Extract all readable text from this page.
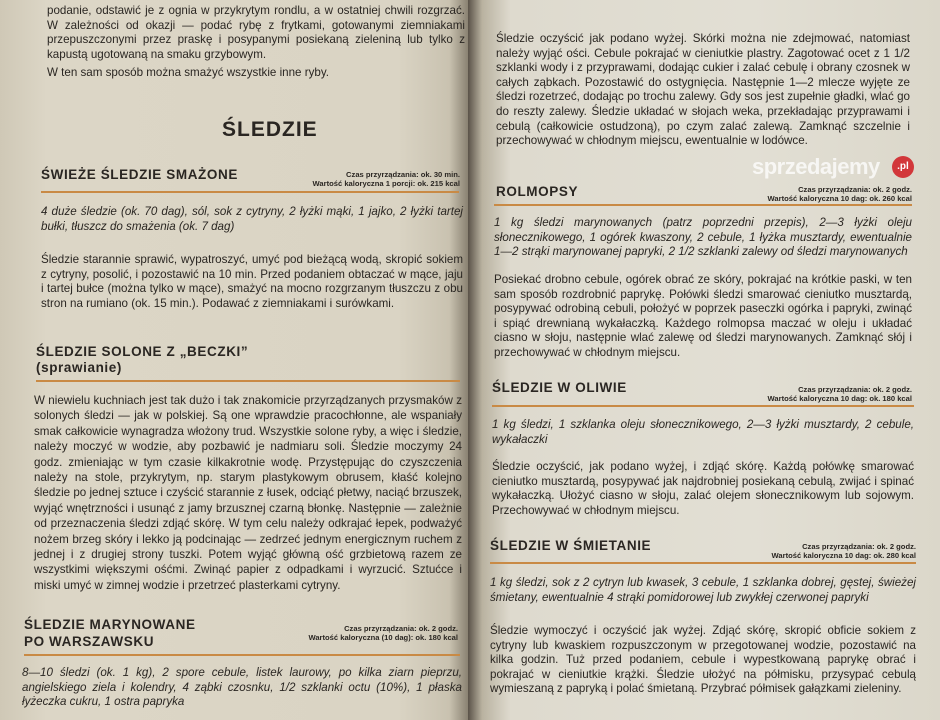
podanie, odstawić je z ognia w przykrytym rondlu, a w ostatniej chwili rozgrzać. W zależności od okazji — podać rybę z frytkami, gotowanymi ziemniakami przepuszczonymi przez praskę i posypanymi posiekaną zieleniną lub tylko z kapustą ugotowaną na smaku grzybowym.
W ten sam sposób można smażyć wszystkie inne ryby.
ŚLEDZIE
ŚWIEŻE ŚLEDZIE SMAŻONE	Czas przyrządzania: ok. 30 min.
Wartość kaloryczna 1 porcji: ok. 215 kcal
4 duże śledzie (ok. 70 dag), sól, sok z cytryny, 2 łyżki mąki, 1 jajko, 2 łyżki tartej bułki, tłuszcz do smażenia (ok. 7 dag)
Śledzie starannie sprawić, wypatroszyć, umyć pod bieżącą wodą, skropić sokiem z cytryny, posolić, i pozostawić na 10 min. Przed podaniem obtaczać w mące, jaju i tartej bułce (można tylko w mące), smażyć na mocno rozgrzanym tłuszczu z obu stron na rumiano (ok. 15 min.). Podawać z ziemniakami i surówkami.
ŚLEDZIE SOLONE Z „BECZKI”
(sprawianie)
W niewielu kuchniach jest tak dużo i tak znakomicie przyrządzanych przysmaków z solonych śledzi — jak w polskiej. Są one wprawdzie pracochłonne, ale wspaniały smak całkowicie wynagradza włożony trud. Wszystkie solone ryby, a więc i śledzie, należy moczyć w wodzie, aby pozbawić je nadmiaru soli. Śledzie moczymy 24 godz. zmieniając w tym czasie kilkakrotnie wodę. Przystępując do czyszczenia należy na stole, przykrytym, np. starym plastykowym obrusem, kłaść kolejno śledzie po jednej sztuce i czyścić starannie z łusek, odciąć płetwy, naciąć brzuszek, wyjąć wnętrzności i usunąć z jamy brzusznej czarną błonkę. Następnie — zależnie od przeznaczenia śledzi zdjąć skórę. W tym celu należy odkrajać łepek, podważyć nożem brzeg skóry i lekko ją podcinając — zedrzeć jednym energicznym ruchem z jednej i z drugiej strony tuszki. Potem wyjąć główną ość grzbietową razem ze wszystkimi większymi ośćmi. Zwinąć papier z odpadkami i wyrzucić. Sztućce i miski umyć w zimnej wodzie i przetrzeć plasterkami cytryny.
ŚLEDZIE MARYNOWANE
PO WARSZAWSKU
Czas przyrządzania: ok. 2 godz.
Wartość kaloryczna (10 dag): ok. 180 kcal
8—10 śledzi (ok. 1 kg), 2 spore cebule, listek laurowy, po kilka ziarn pieprzu, angielskiego ziela i kolendry, 4 ząbki czosnku, 1/2 szklanki octu (10%), 1 płaska łyżeczka cukru, 1 ostra papryka
Śledzie oczyścić jak podano wyżej. Skórki można nie zdejmować, natomiast należy wyjąć ości. Cebule pokrajać w cieniutkie plastry. Zagotować ocet z 1 1/2 szklanki wody i z przyprawami, dodając cukier i zalać cebulę i obrany czosnek w całych ząbkach. Pozostawić do ostygnięcia. Następnie 1—2 mlecze wyjęte ze śledzi rozetrzeć, dodając po trochu zalewy. Gdy sos jest zupełnie gładki, wlać go do reszty zalewy. Śledzie układać w słojach weka, przekładając przyprawami i cebulą (całkowicie ostudzoną), po czym zalać zalewą. Zamknąć szczelnie i przechowywać w chłodnym miejscu, ewentualnie w lodówce.
ROLMOPSY	Czas przyrządzania: ok. 2 godz.
Wartość kaloryczna 10 dag: ok. 260 kcal
1 kg śledzi marynowanych (patrz poprzedni przepis), 2—3 łyżki oleju słonecznikowego, 1 ogórek kwaszony, 2 cebule, 1 łyżka musztardy, ewentualnie 1—2 strąki marynowanej papryki, 2 1/2 szklanki zalewy od śledzi marynowanych
Posiekać drobno cebule, ogórek obrać ze skóry, pokrajać na krótkie paski, w ten sam sposób rozdrobnić paprykę. Połówki śledzi smarować cieniutko musztardą, posypywać odrobiną cebuli, położyć w poprzek paseczki ogórka i papryki, zwinąć i spiąć drewnianą wykałaczką. Każdego rolmopsa maczać w oleju i układać ciasno w słoju, następnie wlać zalewę od śledzi marynowanych. Zamknąć słój i przechowywać w chłodnym miejscu.
ŚLEDZIE W OLIWIE	Czas przyrządzania: ok. 2 godz.
Wartość kaloryczna 10 dag: ok. 180 kcal
1 kg śledzi, 1 szklanka oleju słonecznikowego, 2—3 łyżki musztardy, 2 cebule, wykałaczki
Śledzie oczyścić, jak podano wyżej, i zdjąć skórę. Każdą połówkę smarować cieniutko musztardą, posypywać jak najdrobniej posiekaną cebulą, zwijać i spinać wykałaczką. Ułożyć ciasno w słoju, zalać olejem słonecznikowym lub sojowym. Przechowywać w chłodnym miejscu.
ŚLEDZIE W ŚMIETANIE	Czas przyrządzania: ok. 2 godz.
Wartość kaloryczna 10 dag: ok. 280 kcal
1 kg śledzi, sok z 2 cytryn lub kwasek, 3 cebule, 1 szklanka dobrej, gęstej, świeżej śmietany, ewentualnie 4 strąki pomidorowej lub zwykłej czerwonej papryki
Śledzie wymoczyć i oczyścić jak wyżej. Zdjąć skórę, skropić obficie sokiem z cytryny lub kwaskiem rozpuszczonym w przegotowanej wodzie, pozostawić na kilka godzin. Tuż przed podaniem, cebule i wypestkowaną paprykę obrać i pokrajać w cieniutkie krążki. Śledzie ułożyć na półmisku, przysypać cebulą wymieszaną z papryką i polać śmietaną. Przybrać półmisek gałązkami zieleniny.
sprzedajemy	.pl
